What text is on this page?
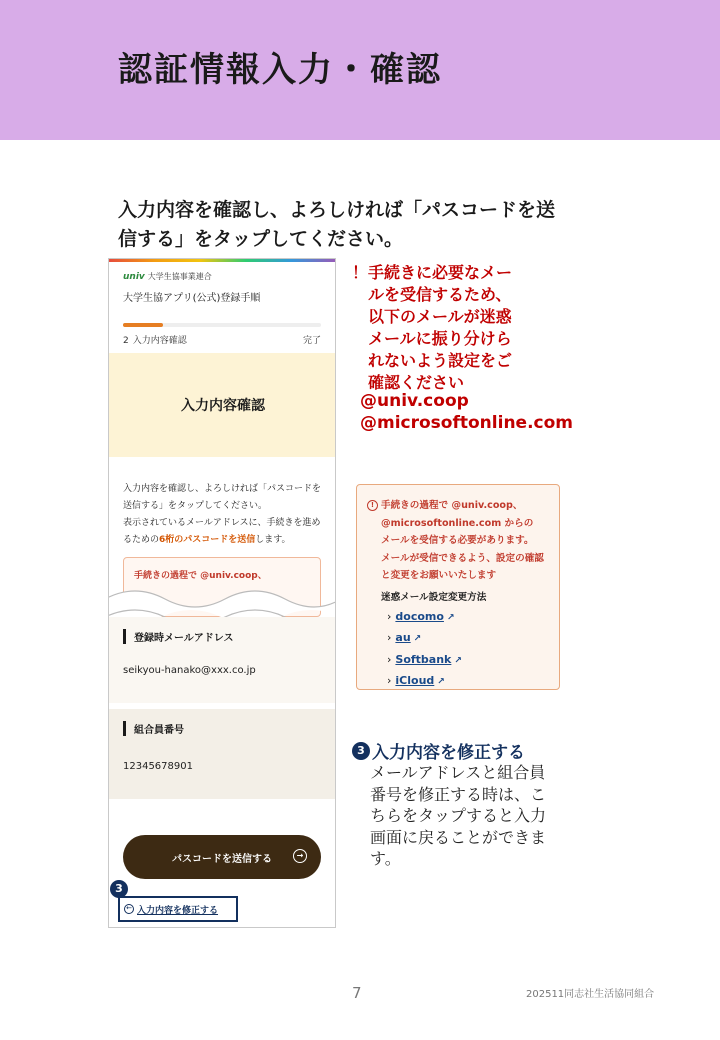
認証情報入力・確認
入力内容を確認し、よろしければ「パスコードを送信する」をタップしてください。
univ 大学生協事業連合
大学生協アプリ(公式)登録手順
2 入力内容確認	完了
入力内容確認
入力内容を確認し、よろしければ「パスコードを送信する」をタップしてください。
表示されているメールアドレスに、手続きを進めるための6桁のパスコードを送信します。
手続きの過程で @univ.coop、
登録時メールアドレス
seikyou-hanako@xxx.co.jp
組合員番号
12345678901
パスコードを送信する	→
3
← 入力内容を修正する
！手続きに必要なメー
ルを受信するため、
以下のメールが迷惑
メールに振り分けら
れないよう設定をご
確認ください
@univ.coop
@microsoftonline.com
! 手続きの過程で @univ.coop、
@microsoftonline.com からの
メールを受信する必要があります。
メールが受信できるよう、設定の確認
と変更をお願いいたします
迷惑メール設定変更方法
› docomo ↗
› au ↗
› Softbank ↗
› iCloud ↗
3 入力内容を修正する
メールアドレスと組合員番号を修正する時は、こちらをタップすると入力画面に戻ることができます。
7	202511同志社生活協同組合
